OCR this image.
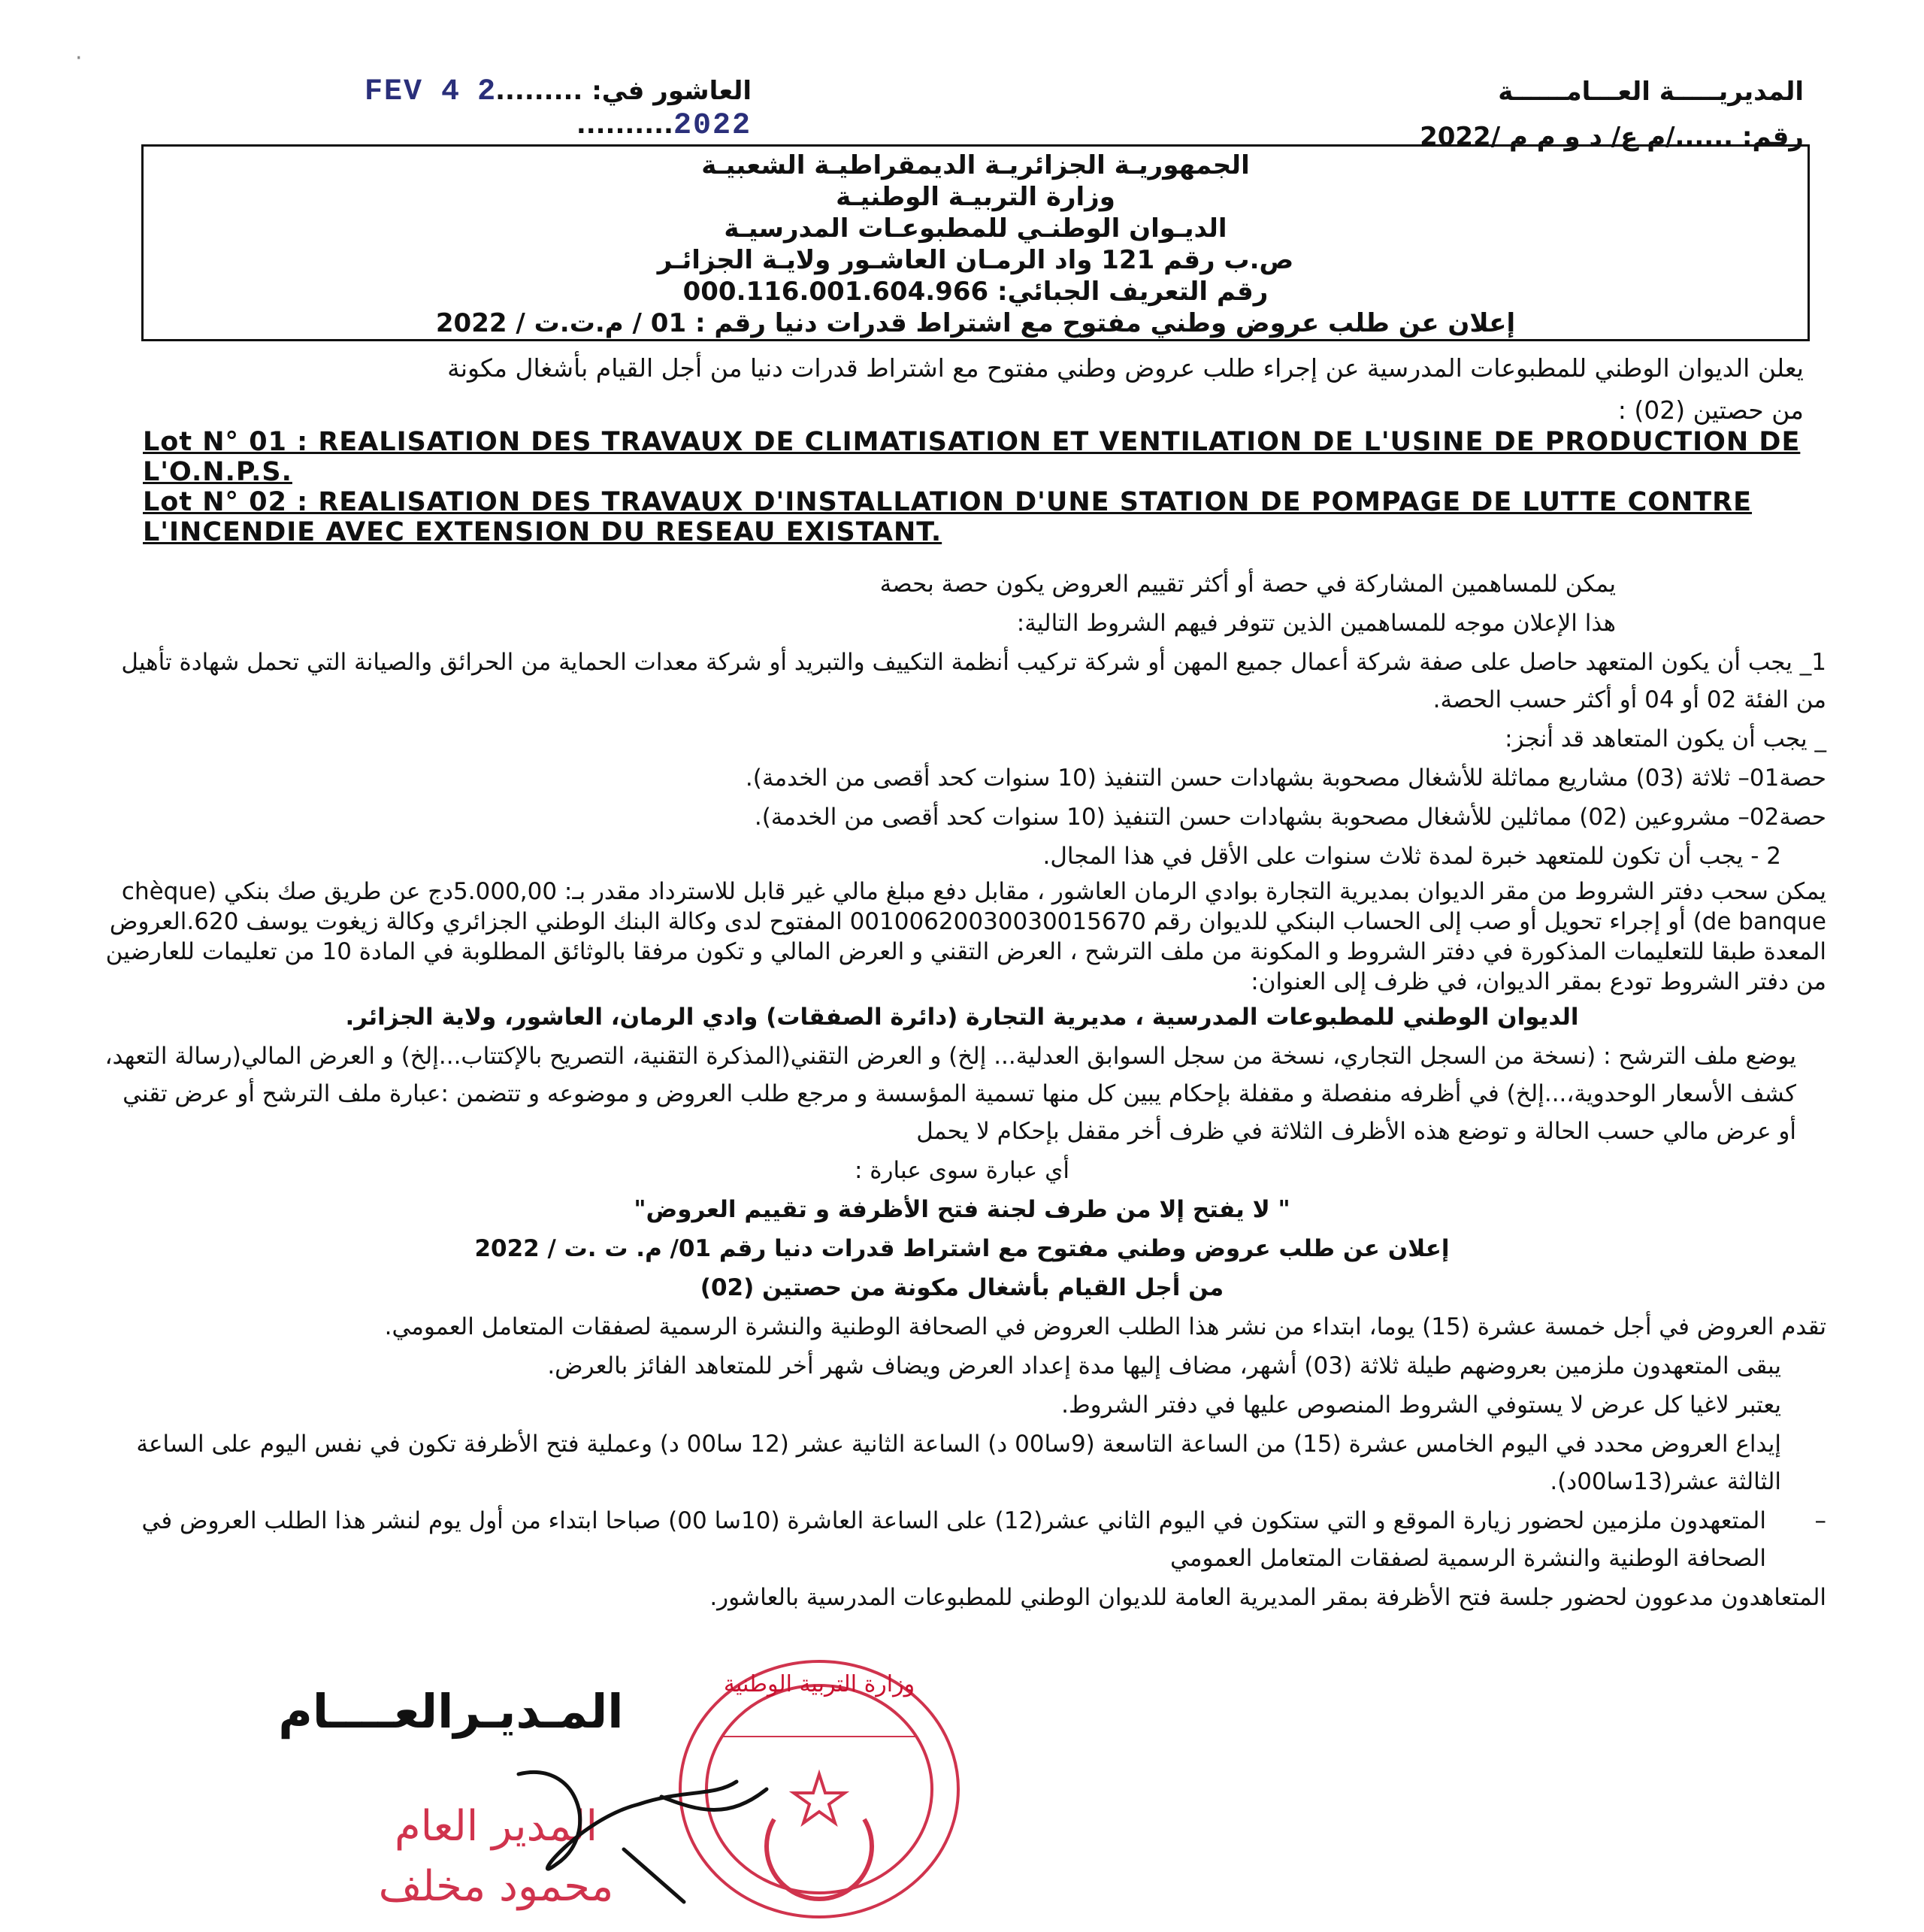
·
العاشور في: .........2 4 FEV 2022..........
المديريـــــة العـــامــــــة
رقم: ....../م ع/ د و م م /2022
الجمهوريـة الجزائريـة الديمقراطيـة الشعبيـة
وزارة التربيـة الوطنيـة
الديـوان الوطنـي للمطبوعـات المدرسيـة
ص.ب رقم 121 واد الرمـان العاشـور ولايـة الجزائـر
رقم التعريف الجبائي: 000.116.001.604.966
إعلان عن طلب عروض وطني مفتوح مع اشتراط قدرات دنيا رقم : 01 / م.ت.ت / 2022
يعلن الديوان الوطني للمطبوعات المدرسية عن إجراء طلب عروض وطني مفتوح مع اشتراط قدرات دنيا من أجل القيام بأشغال مكونة
من حصتين (02) :
Lot N° 01 : REALISATION DES TRAVAUX DE CLIMATISATION ET VENTILATION DE L'USINE DE PRODUCTION DE L'O.N.P.S.
Lot N° 02 : REALISATION DES TRAVAUX D'INSTALLATION D'UNE STATION DE POMPAGE DE LUTTE CONTRE L'INCENDIE AVEC EXTENSION DU RESEAU EXISTANT.

يمكن للمساهمين المشاركة في حصة أو أكثر تقييم العروض يكون حصة بحصة

هذا الإعلان موجه للمساهمين الذين تتوفر فيهم الشروط التالية:

1_ يجب أن يكون المتعهد حاصل على صفة شركة أعمال جميع المهن أو شركة تركيب أنظمة التكييف والتبريد أو شركة معدات الحماية من الحرائق والصيانة التي تحمل شهادة تأهيل من الفئة 02 أو 04 أو أكثر حسب الحصة.

_ يجب أن يكون المتعاهد قد أنجز:

حصة01– ثلاثة (03) مشاريع مماثلة للأشغال مصحوبة بشهادات حسن التنفيذ (10 سنوات كحد أقصى من الخدمة).

حصة02– مشروعين (02) مماثلين للأشغال مصحوبة بشهادات حسن التنفيذ (10 سنوات كحد أقصى من الخدمة).

2 - يجب أن تكون للمتعهد خبرة لمدة ثلاث سنوات على الأقل في هذا المجال.

يمكن سحب دفتر الشروط من مقر الديوان بمديرية التجارة بوادي الرمان العاشور ، مقابل دفع مبلغ مالي غير قابل للاسترداد مقدر بـ: 5.000,00دج عن طريق صك بنكي (chèque de banque) أو إجراء تحويل أو صب إلى الحساب البنكي للديوان رقم 00100620030030015670 المفتوح لدى وكالة البنك الوطني الجزائري وكالة زيغوت يوسف 620.العروض المعدة طبقا للتعليمات المذكورة في دفتر الشروط و المكونة من ملف الترشح ، العرض التقني و العرض المالي و تكون مرفقا بالوثائق المطلوبة في المادة 10 من تعليمات للعارضين من دفتر الشروط تودع بمقر الديوان، في ظرف إلى العنوان:

الديوان الوطني للمطبوعات المدرسية ، مديرية التجارة (دائرة الصفقات) وادي الرمان، العاشور، ولاية الجزائر.

يوضع ملف الترشح : (نسخة من السجل التجاري، نسخة من سجل السوابق العدلية... إلخ) و العرض التقني(المذكرة التقنية، التصريح بالإكتتاب...إلخ) و العرض المالي(رسالة التعهد، كشف الأسعار الوحدوية،...إلخ) في أظرفه منفصلة و مقفلة بإحكام يبين كل منها تسمية المؤسسة و مرجع طلب العروض و موضوعه و تتضمن :عبارة ملف الترشح أو عرض تقني أو عرض مالي حسب الحالة و توضع هذه الأظرف الثلاثة في ظرف أخر مقفل بإحكام لا يحمل

أي عبارة سوى عبارة :

" لا يفتح إلا من طرف لجنة فتح الأظرفة و تقييم العروض"

إعلان عن طلب عروض وطني مفتوح مع اشتراط قدرات دنيا رقم 01/ م. ت .ت / 2022

من أجل القيام بأشغال مكونة من حصتين (02)

تقدم العروض في أجل خمسة عشرة (15) يوما، ابتداء من نشر هذا الطلب العروض في الصحافة الوطنية والنشرة الرسمية لصفقات المتعامل العمومي.

يبقى المتعهدون ملزمين بعروضهم طيلة ثلاثة (03) أشهر، مضاف إليها مدة إعداد العرض ويضاف شهر أخر للمتعاهد الفائز بالعرض.

يعتبر لاغيا كل عرض لا يستوفي الشروط المنصوص عليها في دفتر الشروط.

إيداع العروض محدد في اليوم الخامس عشرة (15) من الساعة التاسعة (9سا00 د) الساعة الثانية عشر (12 سا00 د) وعملية فتح الأظرفة تكون في نفس اليوم على الساعة الثالثة عشر(13سا00د).

– المتعهدون ملزمين لحضور زيارة الموقع و التي ستكون في اليوم الثاني عشر(12) على الساعة العاشرة (10سا 00) صباحا ابتداء من أول يوم لنشر هذا الطلب العروض في الصحافة الوطنية والنشرة الرسمية لصفقات المتعامل العمومي

المتعاهدون مدعوون لحضور جلسة فتح الأظرفة بمقر المديرية العامة للديوان الوطني للمطبوعات المدرسية بالعاشور.

المـديـرالعــــام	وزارة التربية الوطنية
المدير العام
محمود مخلف
